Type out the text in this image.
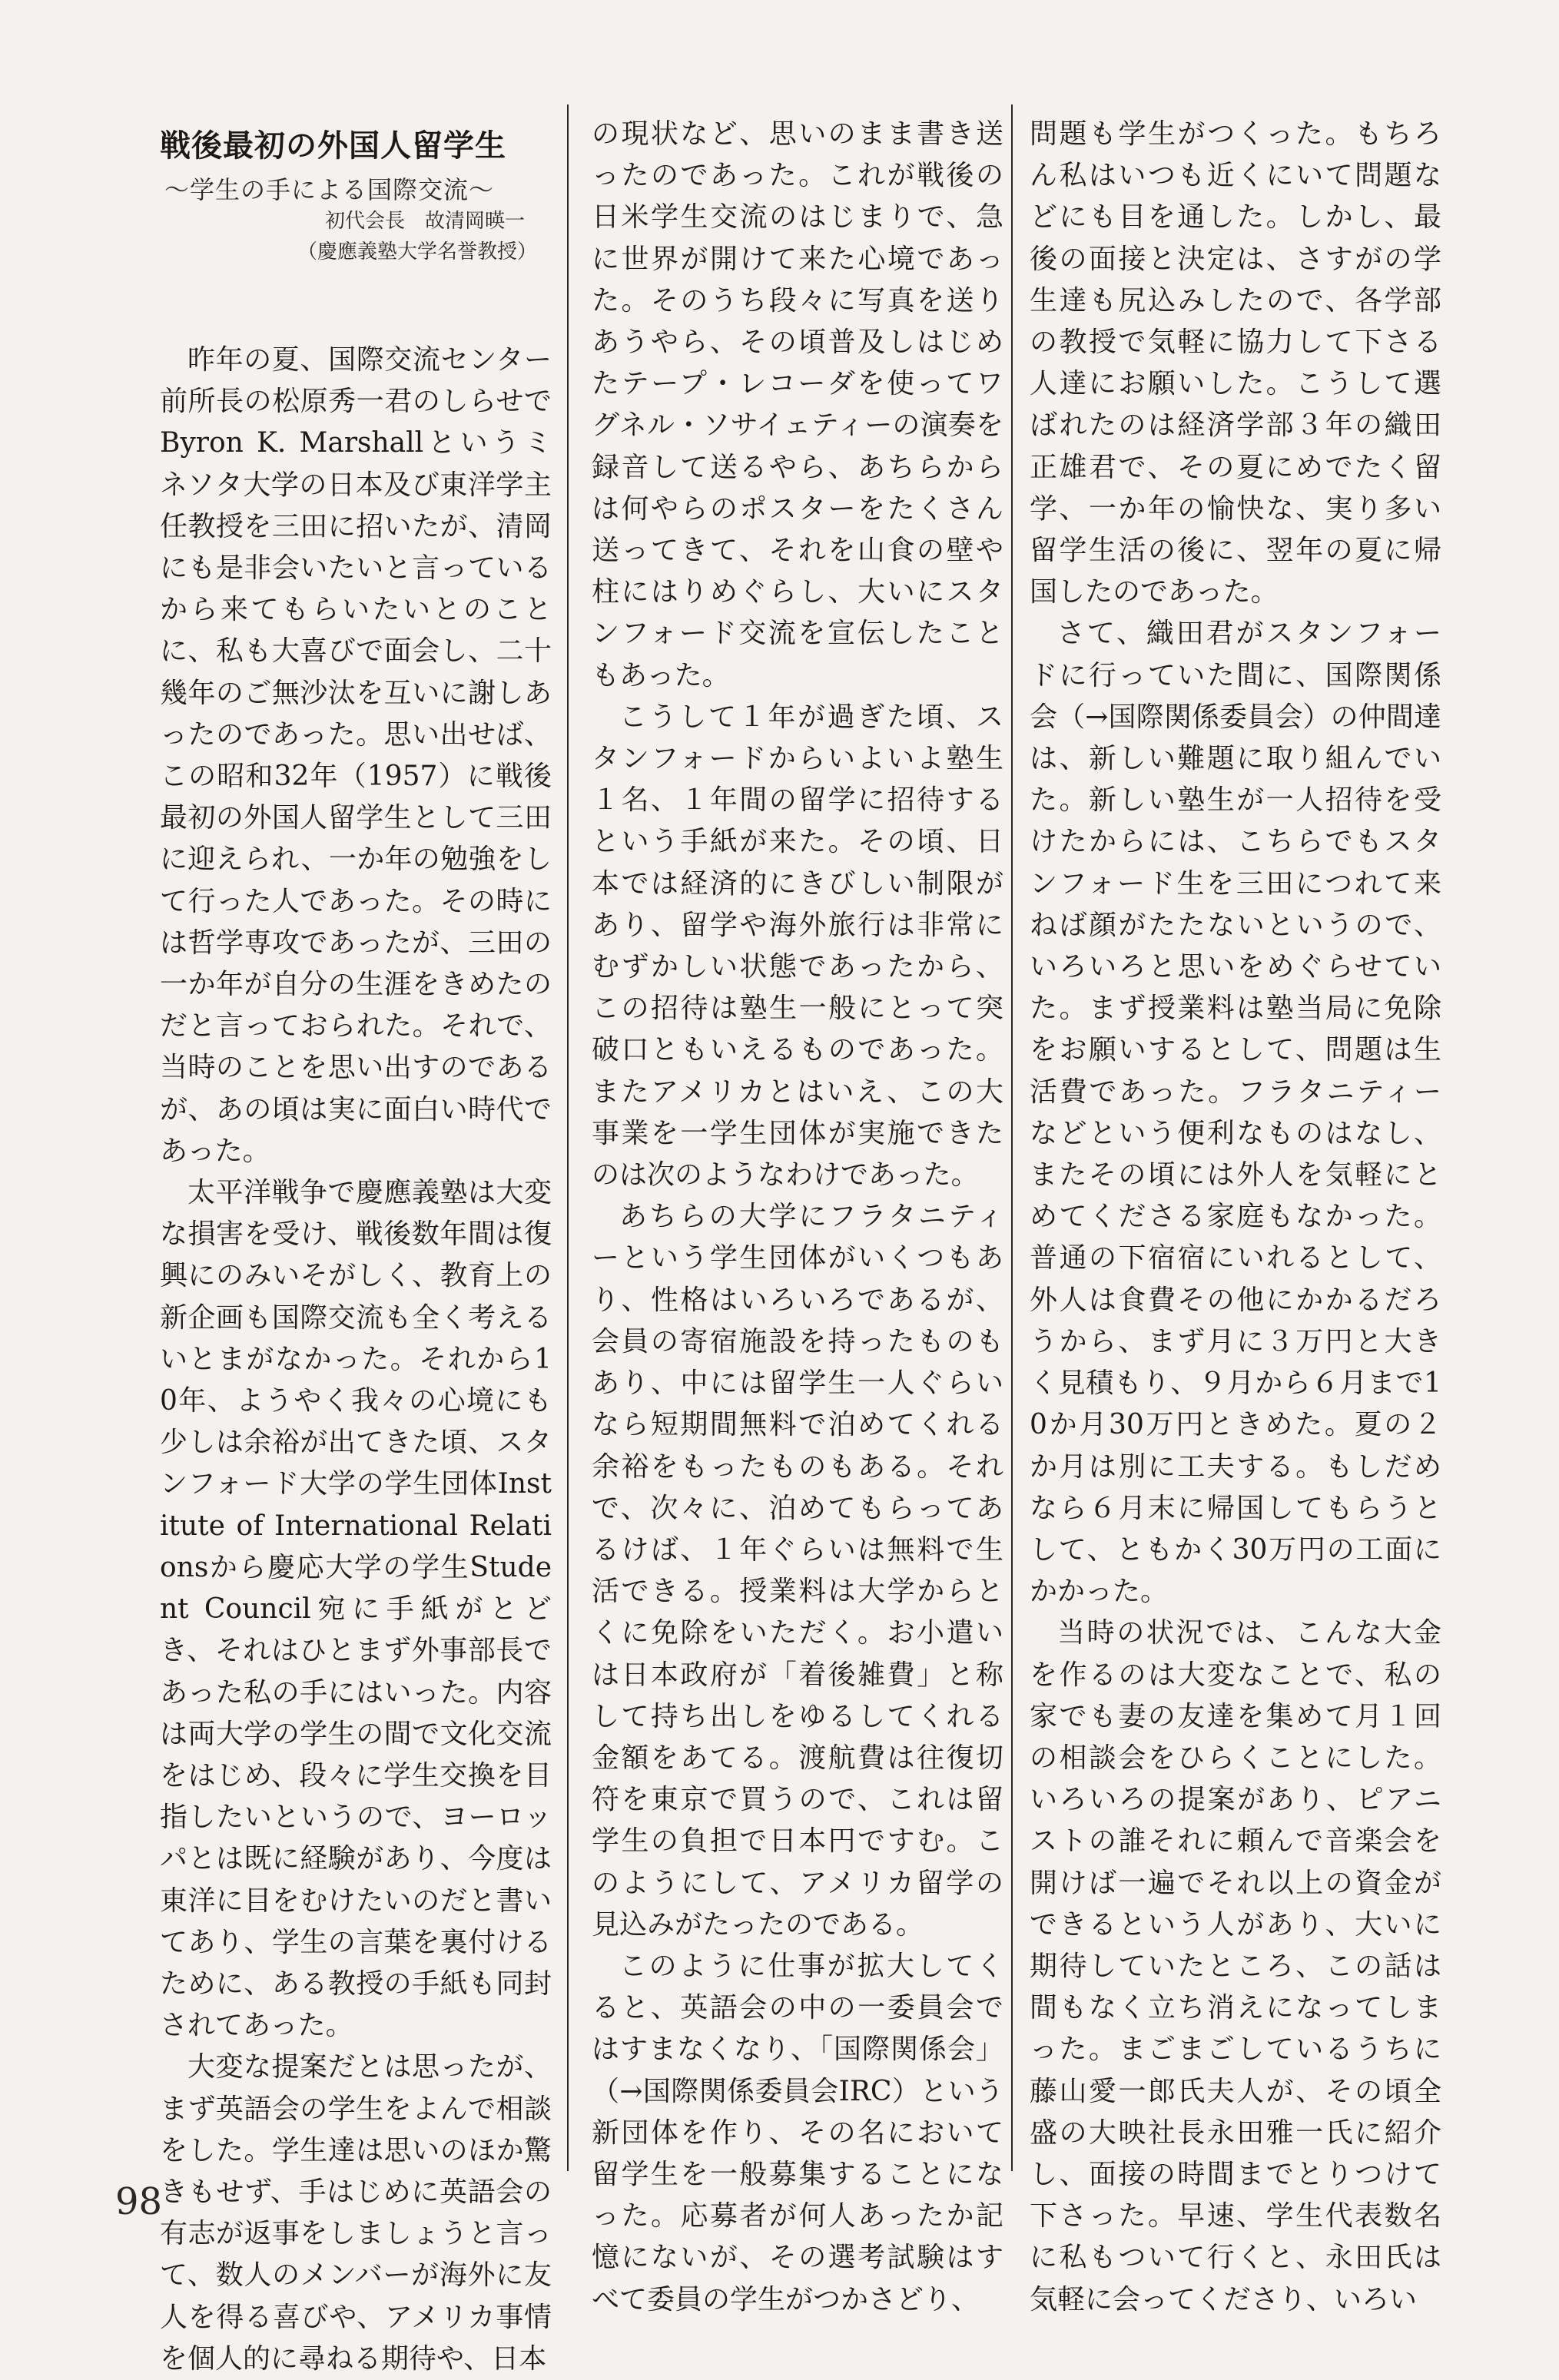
戦後最初の外国人留学生
〜学生の手による国際交流〜
初代会長　故清岡暎一
（慶應義塾大学名誉教授）

昨年の夏、国際交流センター前所長の松原秀一君のしらせでByron K. Marshallというミネソタ大学の日本及び東洋学主任教授を三田に招いたが、清岡にも是非会いたいと言っているから来てもらいたいとのことに、私も大喜びで面会し、二十幾年のご無沙汰を互いに謝しあったのであった。思い出せば、この昭和32年（1957）に戦後最初の外国人留学生として三田に迎えられ、一か年の勉強をして行った人であった。その時には哲学専攻であったが、三田の一か年が自分の生涯をきめたのだと言っておられた。それで、当時のことを思い出すのであるが、あの頃は実に面白い時代であった。

太平洋戦争で慶應義塾は大変な損害を受け、戦後数年間は復興にのみいそがしく、教育上の新企画も国際交流も全く考えるいとまがなかった。それから10年、ようやく我々の心境にも少しは余裕が出てきた頃、スタンフォード大学の学生団体Institute of International Relationsから慶応大学の学生Student Council宛に手紙がとどき、それはひとまず外事部長であった私の手にはいった。内容は両大学の学生の間で文化交流をはじめ、段々に学生交換を目指したいというので、ヨーロッパとは既に経験があり、今度は東洋に目をむけたいのだと書いてあり、学生の言葉を裏付けるために、ある教授の手紙も同封されてあった。

大変な提案だとは思ったが、まず英語会の学生をよんで相談をした。学生達は思いのほか驚きもせず、手はじめに英語会の有志が返事をしましょうと言って、数人のメンバーが海外に友人を得る喜びや、アメリカ事情を個人的に尋ねる期待や、日本

の現状など、思いのまま書き送ったのであった。これが戦後の日米学生交流のはじまりで、急に世界が開けて来た心境であった。そのうち段々に写真を送りあうやら、その頃普及しはじめたテープ・レコーダを使ってワグネル・ソサイェティーの演奏を録音して送るやら、あちらからは何やらのポスターをたくさん送ってきて、それを山食の壁や柱にはりめぐらし、大いにスタンフォード交流を宣伝したこともあった。

こうして１年が過ぎた頃、スタンフォードからいよいよ塾生１名、１年間の留学に招待するという手紙が来た。その頃、日本では経済的にきびしい制限があり、留学や海外旅行は非常にむずかしい状態であったから、この招待は塾生一般にとって突破口ともいえるものであった。またアメリカとはいえ、この大事業を一学生団体が実施できたのは次のようなわけであった。

あちらの大学にフラタニティーという学生団体がいくつもあり、性格はいろいろであるが、会員の寄宿施設を持ったものもあり、中には留学生一人ぐらいなら短期間無料で泊めてくれる余裕をもったものもある。それで、次々に、泊めてもらってあるけば、１年ぐらいは無料で生活できる。授業料は大学からとくに免除をいただく。お小遣いは日本政府が「着後雑費」と称して持ち出しをゆるしてくれる金額をあてる。渡航費は往復切符を東京で買うので、これは留学生の負担で日本円ですむ。このようにして、アメリカ留学の見込みがたったのである。

このように仕事が拡大してくると、英語会の中の一委員会ではすまなくなり、「国際関係会」（→国際関係委員会IRC）という新団体を作り、その名において留学生を一般募集することになった。応募者が何人あったか記憶にないが、その選考試験はすべて委員の学生がつかさどり、

問題も学生がつくった。もちろん私はいつも近くにいて問題などにも目を通した。しかし、最後の面接と決定は、さすがの学生達も尻込みしたので、各学部の教授で気軽に協力して下さる人達にお願いした。こうして選ばれたのは経済学部３年の織田正雄君で、その夏にめでたく留学、一か年の愉快な、実り多い留学生活の後に、翌年の夏に帰国したのであった。

さて、織田君がスタンフォードに行っていた間に、国際関係会（→国際関係委員会）の仲間達は、新しい難題に取り組んでいた。新しい塾生が一人招待を受けたからには、こちらでもスタンフォード生を三田につれて来ねば顔がたたないというので、いろいろと思いをめぐらせていた。まず授業料は塾当局に免除をお願いするとして、問題は生活費であった。フラタニティーなどという便利なものはなし、またその頃には外人を気軽にとめてくださる家庭もなかった。普通の下宿宿にいれるとして、外人は食費その他にかかるだろうから、まず月に３万円と大きく見積もり、９月から６月まで10か月30万円ときめた。夏の２か月は別に工夫する。もしだめなら６月末に帰国してもらうとして、ともかく30万円の工面にかかった。

当時の状況では、こんな大金を作るのは大変なことで、私の家でも妻の友達を集めて月１回の相談会をひらくことにした。いろいろの提案があり、ピアニストの誰それに頼んで音楽会を開けば一遍でそれ以上の資金ができるという人があり、大いに期待していたところ、この話は間もなく立ち消えになってしまった。まごまごしているうちに藤山愛一郎氏夫人が、その頃全盛の大映社長永田雅一氏に紹介し、面接の時間までとりつけて下さった。早速、学生代表数名に私もついて行くと、永田氏は気軽に会ってくださり、いろい

98
